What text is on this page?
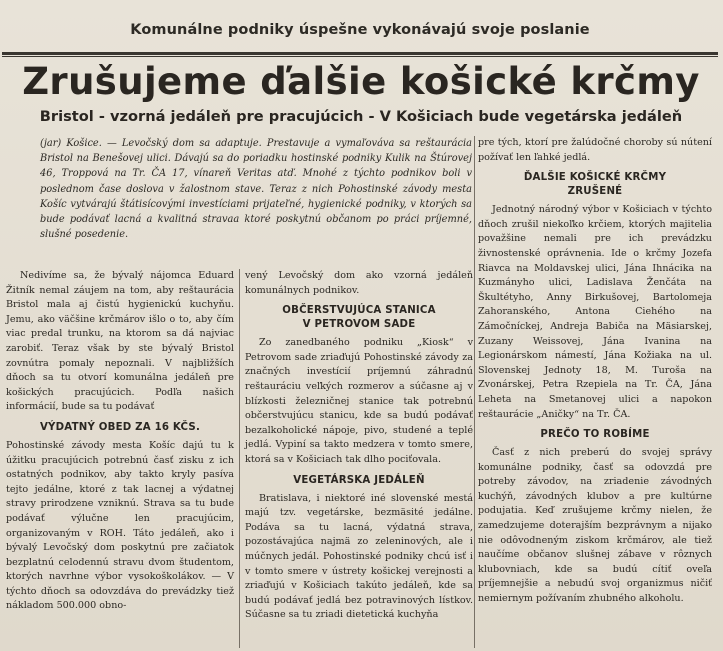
Komunálne podniky úspešne vykonávajú svoje poslanie
Zrušujeme ďalšie košické krčmy
Bristol - vzorná jedáleň pre pracujúcich - V Košiciach bude vegetárska jedáleň
(jar) Košice. — Levočský dom sa adaptuje. Prestavuje a vymaľováva sa reštaurácia Bristol na Benešovej ulici. Dávajú sa do poriadku hostinské podniky Kulik na Štúrovej 46, Troppová na Tr. ČA 17, vínareň Veritas atď. Mnohé z týchto podnikov boli v poslednom čase doslova v žalostnom stave. Teraz z nich Pohostinské závody mesta Košíc vytvárajú štátisícovými investíciami prijateľné, hygienické podniky, v ktorých sa bude podávať lacná a kvalitná stravaa ktoré poskytnú občanom po práci príjemné, slušné posedenie.

Nedivíme sa, že bývalý nájomca Eduard Žitník nemal záujem na tom, aby reštaurácia Bristol mala aj čistú hygienickú kuchyňu. Jemu, ako väčšine krčmárov išlo o to, aby čím viac predal trunku, na ktorom sa dá najviac zarobiť. Teraz však by ste bývalý Bristol zovnútra pomaly nepoznali. V najbližších dňoch sa tu otvorí komunálna jedáleň pre košických pracujúcich. Podľa našich informácií, bude sa tu podávať

VÝDATNÝ OBED ZA 16 KČS.

Pohostinské závody mesta Košíc dajú tu k úžitku pracujúcich potrebnú časť zisku z ich ostatných podnikov, aby takto kryly pasíva tejto jedálne, ktoré z tak lacnej a výdatnej stravy prirodzene vzniknú. Strava sa tu bude podávať výlučne len pracujúcim, organizovaným v ROH. Táto jedáleň, ako i bývalý Levočský dom poskytnú pre začiatok bezplatnú celodennú stravu dvom študentom, ktorých navrhne výbor vysokoškolákov. — V týchto dňoch sa odovzdáva do prevádzky tiež nákladom 500.000 obno-

vený Levočský dom ako vzorná jedáleň komunálnych podnikov.

OBČERSTVUJÚCA STANICA
V PETROVOM SADE

Zo zanedbaného podniku „Kiosk“ v Petrovom sade zriaďujú Pohostinské závody za značných investícií príjemnú záhradnú reštauráciu veľkých rozmerov a súčasne aj v blízkosti železničnej stanice tak potrebnú občerstvujúcu stanicu, kde sa budú podávať bezalkoholické nápoje, pivo, studené a teplé jedlá. Vypiní sa takto medzera v tomto smere, ktorá sa v Košiciach tak dlho pociťovala.

VEGETÁRSKA JEDÁLEŇ

Bratislava, i niektoré iné slovenské mestá majú tzv. vegetárske, bezmäsité jedálne. Podáva sa tu lacná, výdatná strava, pozostávajúca najmä zo zeleninových, ale i múčnych jedál. Pohostinské podniky chcú isť i v tomto smere v ústrety košickej verejnosti a zriaďujú v Košiciach takúto jedáleň, kde sa budú podávať jedlá bez potravinových lístkov. Súčasne sa tu zriadi dietetická kuchyňa

pre tých, ktorí pre žalúdočné choroby sú nútení požívať len ľahké jedlá.

ĎALŠIE KOŠICKÉ KRČMY
ZRUŠENÉ

Jednotný národný výbor v Košiciach v týchto dňoch zrušil niekoľko krčiem, ktorých majitelia považšine nemali pre ich prevádzku živnostenské oprávnenia. Ide o krčmy Jozefa Riavca na Moldavskej ulici, Jána Ihnácika na Kuzmányho ulici, Ladislava Ženčáta na Škultétyho, Anny Birkušovej, Bartolomeja Zahoranského, Antona Ciehého na Zámočníckej, Andreja Babiča na Mäsiarskej, Zuzany Weissovej, Jána Ivanina na Legionárskom námestí, Jána Kožiaka na ul. Slovenskej Jednoty 18, M. Turoša na Zvonárskej, Petra Rzepiela na Tr. ČA, Jána Leheta na Smetanovej ulici a napokon reštaurácie „Aničky“ na Tr. ČA.

PREČO TO ROBÍME

Časť z nich preberú do svojej správy komunálne podniky, časť sa odovzdá pre potreby závodov, na zriadenie závodných kuchýň, závodných klubov a pre kultúrne podujatia. Keď zrušujeme krčmy nielen, že zamedzujeme doterajším bezprávnym a nijako nie odôvodneným ziskom krčmárov, ale tiež naučíme občanov slušnej zábave v rôznych klubovniach, kde sa budú cítiť oveľa príjemnejšie a nebudú svoj organizmus ničiť nemiernym požívaním zhubného alkoholu.
